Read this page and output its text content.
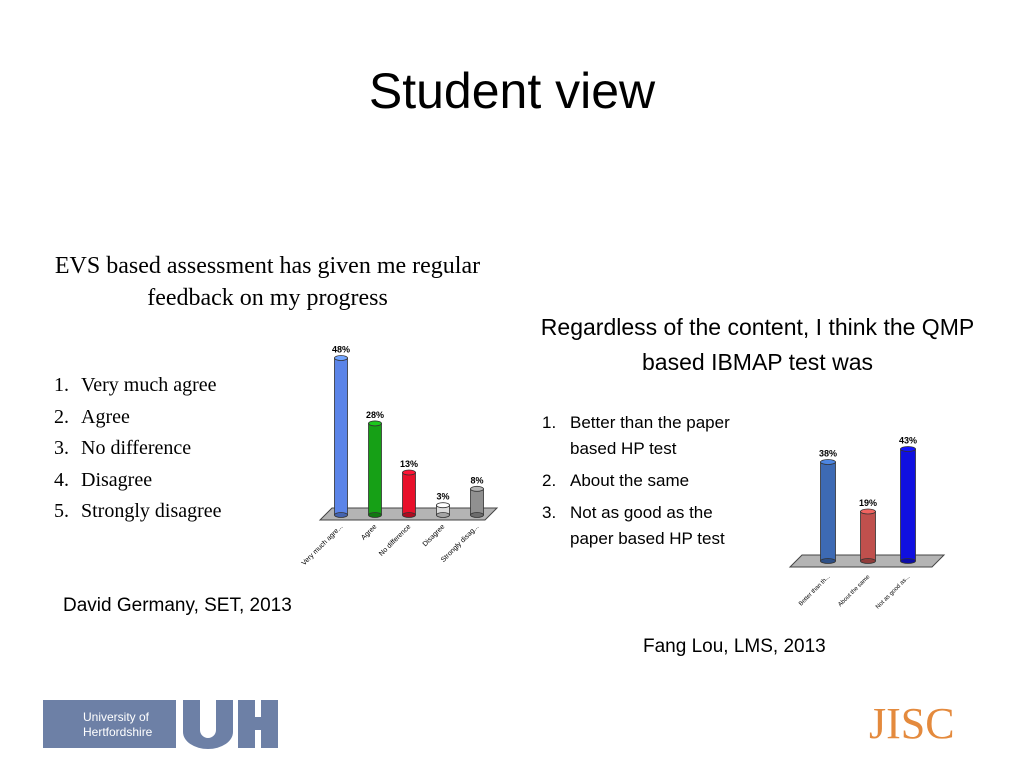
Student view
EVS based assessment has given me regular feedback on my progress
1. Very much agree
2. Agree
3. No difference
4. Disagree
5. Strongly disagree
48%
Very much agre...
28%
Agree
13%
No difference
3%
Disagree
8%
Strongly disag...
David Germany, SET, 2013
Regardless of the content, I think the QMP based IBMAP test was
1. Better than the paper based HP test
2. About the same
3. Not as good as the paper based HP test
38%
Better than th...
19%
About the same
43%
Not as good as...
Fang Lou, LMS, 2013
University of
Hertfordshire	JISC
